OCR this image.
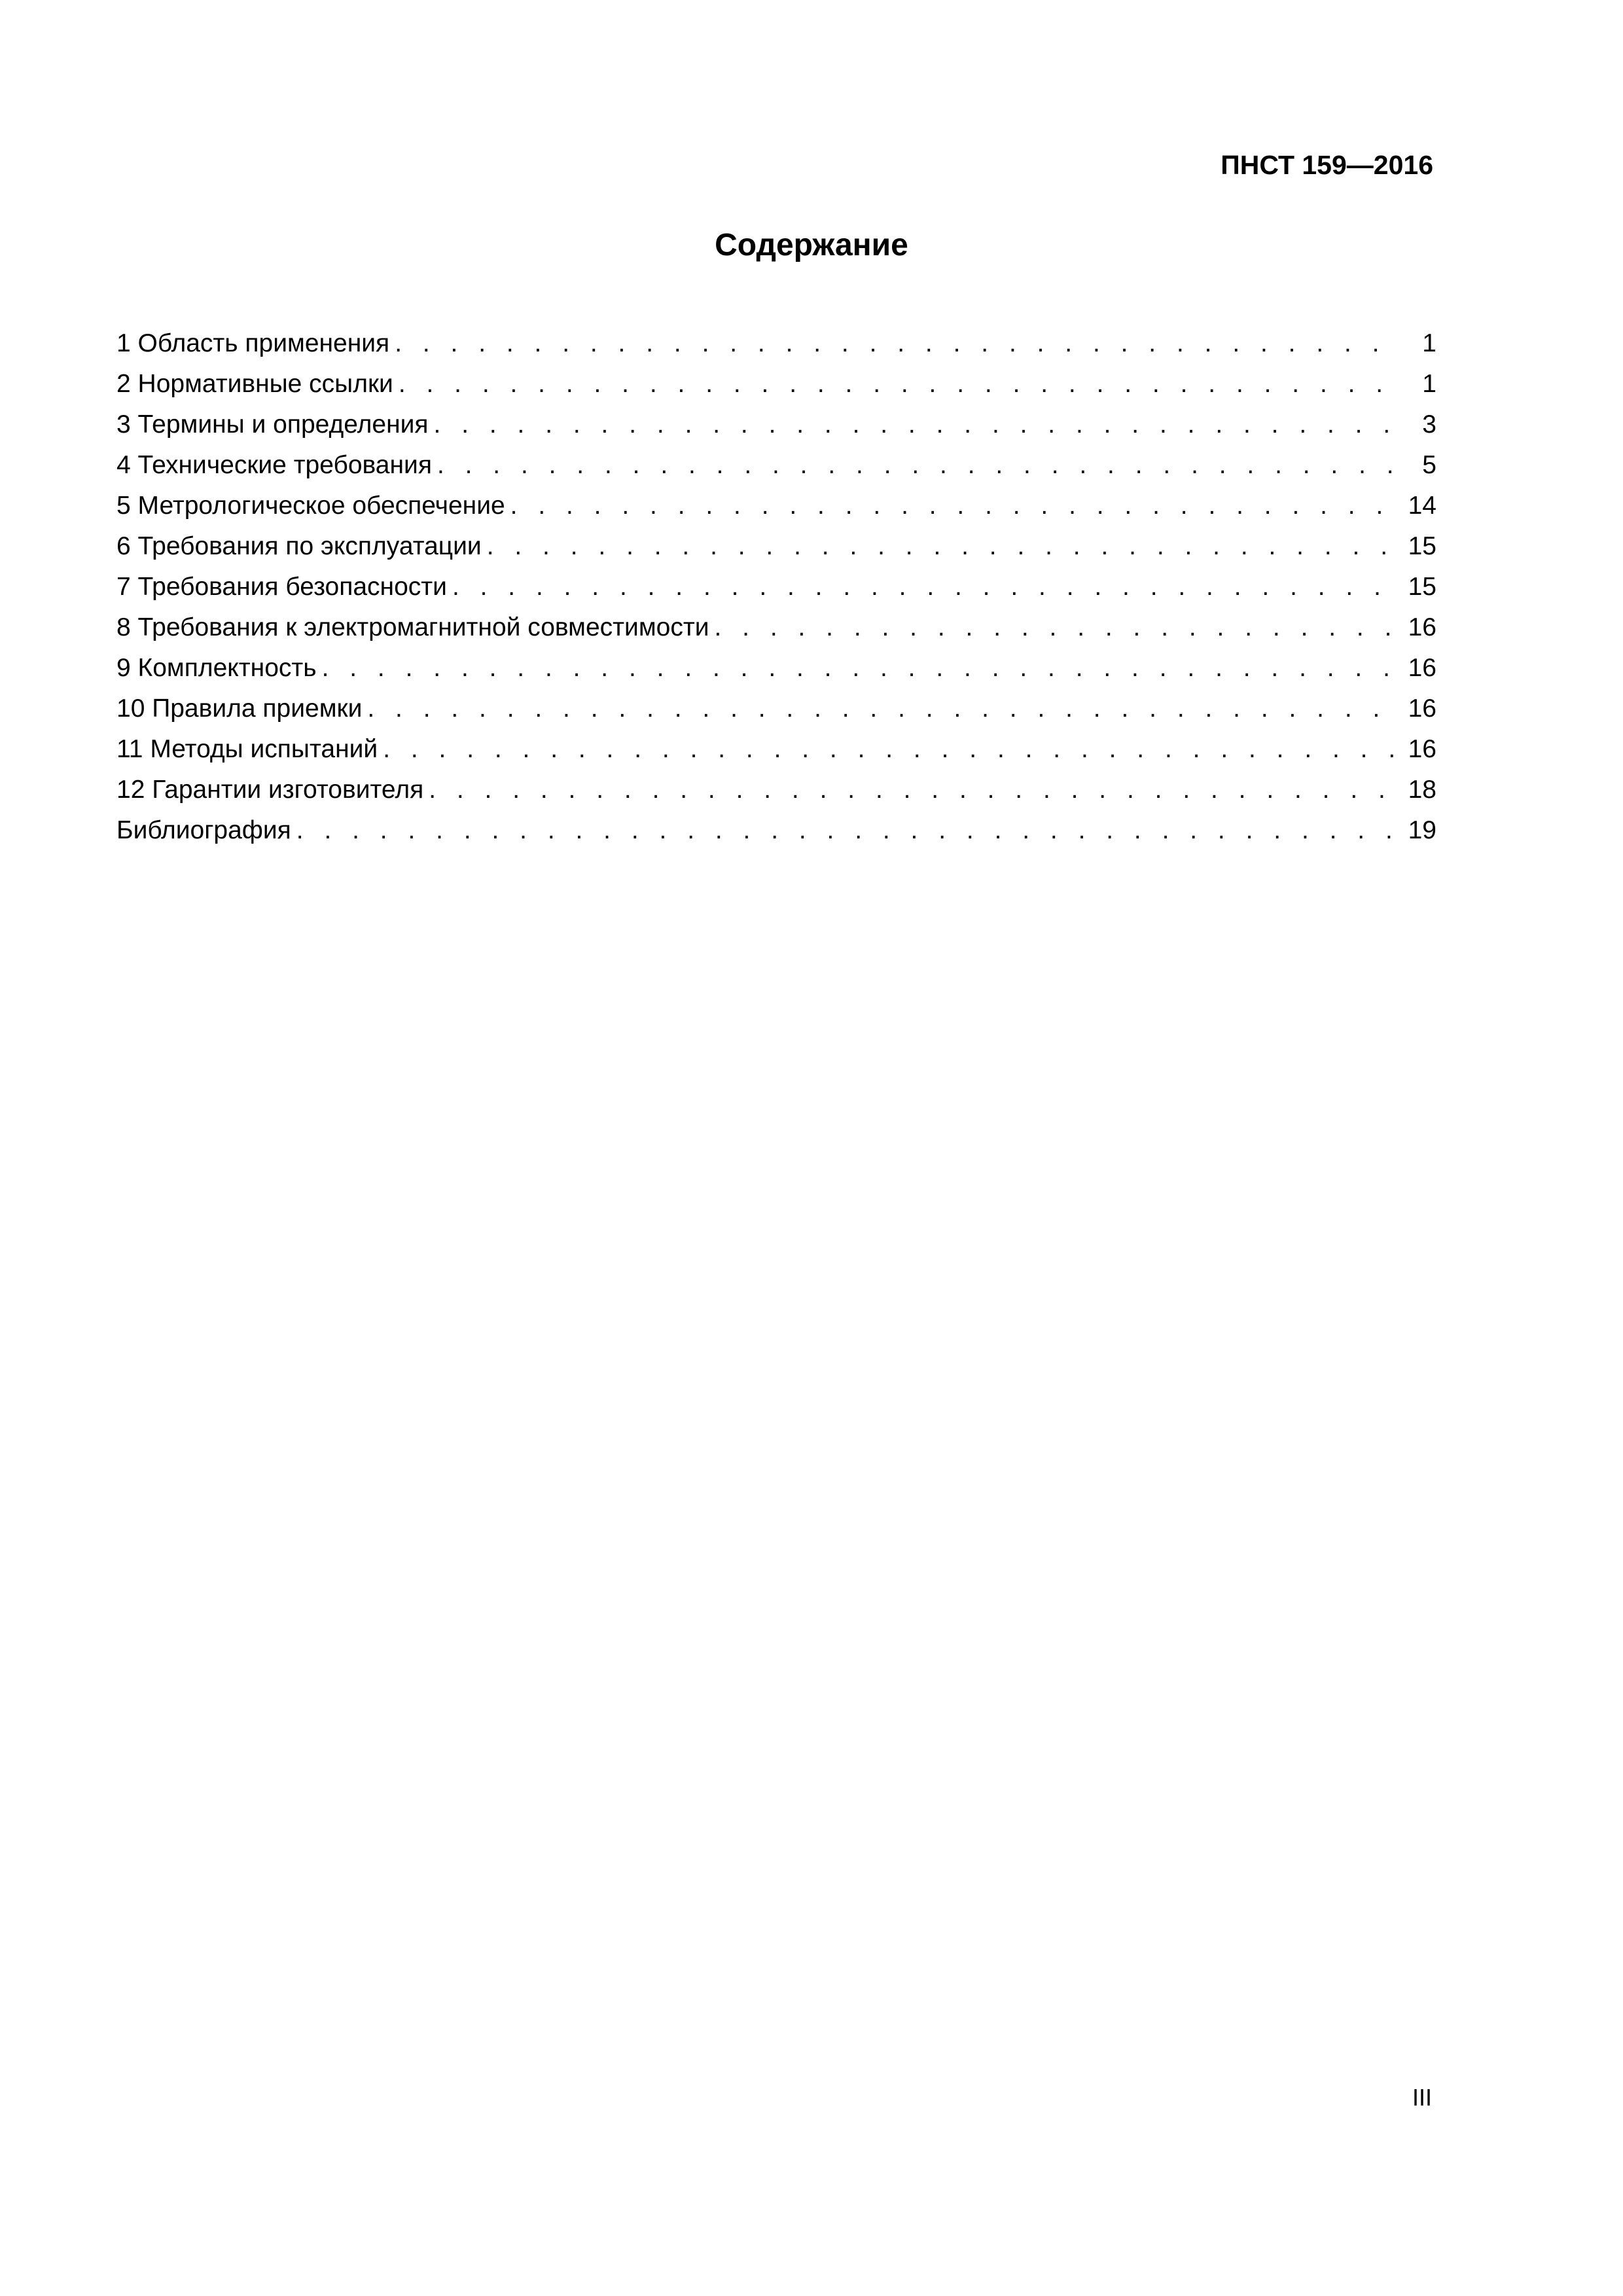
ПНСТ 159—2016
Содержание
1 Область применения . . .	1
2 Нормативные ссылки . . .	1
3 Термины и определения . . .	3
4 Технические требования . . .	5
5 Метрологическое обеспечение . . .	14
6 Требования по эксплуатации . . .	15
7 Требования безопасности . . .	15
8 Требования к электромагнитной совместимости . . .	16
9 Комплектность . . .	16
10 Правила приемки . . .	16
11 Методы испытаний . . .	16
12 Гарантии изготовителя . . .	18
Библиография . . .	19
III
